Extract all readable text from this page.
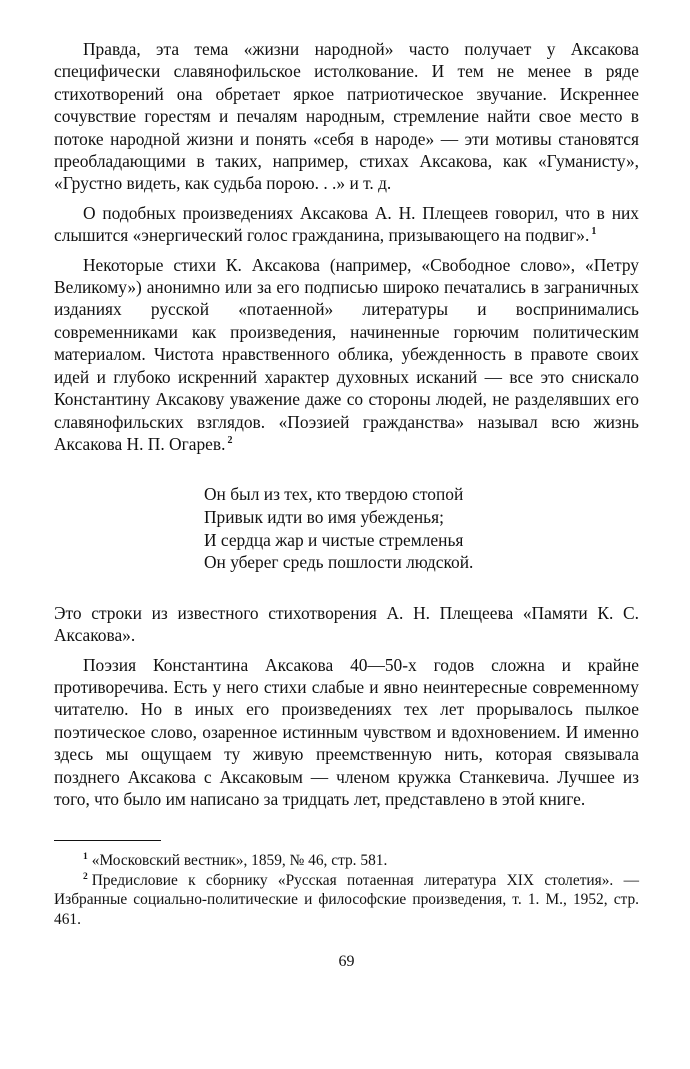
Правда, эта тема «жизни народной» часто получает у Аксакова специфически славянофильское истолкование. И тем не менее в ряде стихотворений она обретает яркое патриотическое звучание. Искреннее сочувствие горестям и печалям народным, стремление найти свое место в потоке народной жизни и понять «себя в народе» — эти мотивы становятся преобладающими в таких, например, стихах Аксакова, как «Гуманисту», «Грустно видеть, как судьба порою. . .» и т. д.

О подобных произведениях Аксакова А. Н. Плещеев говорил, что в них слышится «энергический голос гражданина, призывающего на подвиг». $^1$

Некоторые стихи К. Аксакова (например, «Свободное слово», «Петру Великому») анонимно или за его подписью широко печатались в заграничных изданиях русской «потаенной» литературы и воспринимались современниками как произведения, начиненные горючим политическим материалом. Чистота нравственного облика, убежденность в правоте своих идей и глубоко искренний характер духовных исканий — все это снискало Константину Аксакову уважение даже со стороны людей, не разделявших его славянофильских взглядов. «Поэзией гражданства» называл всю жизнь Аксакова Н. П. Огарев. $^2$

Он был из тех, кто твердою стопой
Привык идти во имя убежденья;
И сердца жар и чистые стремленья
Он уберег средь пошлости людской.

Это строки из известного стихотворения А. Н. Плещеева «Памяти К. С. Аксакова».

Поэзия Константина Аксакова 40—50-х годов сложна и крайне противоречива. Есть у него стихи слабые и явно неинтересные современному читателю. Но в иных его произведениях тех лет прорывалось пылкое поэтическое слово, озаренное истинным чувством и вдохновением. И именно здесь мы ощущаем ту живую преемственную нить, которая связывала позднего Аксакова с Аксаковым — членом кружка Станкевича. Лучшее из того, что было им написано за тридцать лет, представлено в этой книге.

$^1$ «Московский вестник», 1859, № 46, стр. 581.

$^2$ Предисловие к сборнику «Русская потаенная литература XIX столетия». — Избранные социально-политические и философские произведения, т. 1. М., 1952, стр. 461.

69
